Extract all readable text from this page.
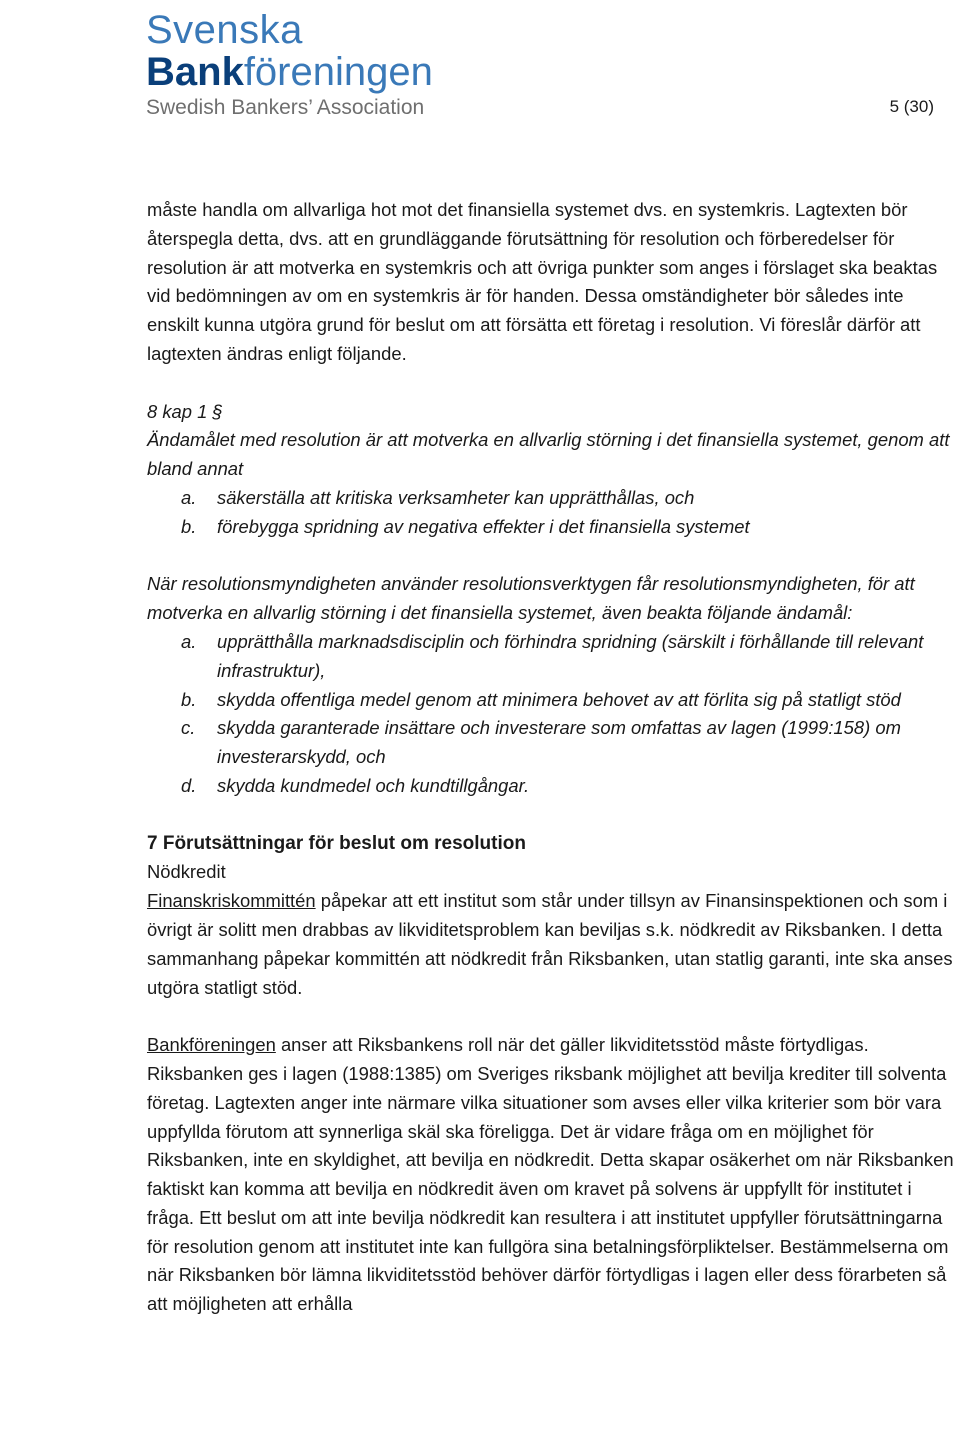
Svenska
Bankföreningen
Swedish Bankers’ Association	5 (30)

måste handla om allvarliga hot mot det finansiella systemet dvs. en systemkris. Lagtexten bör återspegla detta, dvs. att en grundläggande förutsättning för resolution och förberedelser för resolution är att motverka en systemkris och att övriga punkter som anges i förslaget ska beaktas vid bedömningen av om en systemkris är för handen. Dessa omständigheter bör således inte enskilt kunna utgöra grund för beslut om att försätta ett företag i resolution. Vi föreslår därför att lagtexten ändras enligt följande.

8 kap 1 §

Ändamålet med resolution är att motverka en allvarlig störning i det finansiella systemet, genom att bland annat

a.	säkerställa att kritiska verksamheter kan upprätthållas, och
b.	förebygga spridning av negativa effekter i det finansiella systemet

När resolutionsmyndigheten använder resolutionsverktygen får resolutionsmyndigheten, för att motverka en allvarlig störning i det finansiella systemet, även beakta följande ändamål:

a.	upprätthålla marknadsdisciplin och förhindra spridning (särskilt i förhållande till relevant infrastruktur),
b.	skydda offentliga medel genom att minimera behovet av att förlita sig på statligt stöd
c.	skydda garanterade insättare och investerare som omfattas av lagen (1999:158) om investerarskydd, och
d.	skydda kundmedel och kundtillgångar.
7 Förutsättningar för beslut om resolution

Nödkredit

Finanskriskommittén påpekar att ett institut som står under tillsyn av Finansinspektionen och som i övrigt är solitt men drabbas av likviditetsproblem kan beviljas s.k. nödkredit av Riksbanken. I detta sammanhang påpekar kommittén att nödkredit från Riksbanken, utan statlig garanti, inte ska anses utgöra statligt stöd.

Bankföreningen anser att Riksbankens roll när det gäller likviditetsstöd måste förtydligas. Riksbanken ges i lagen (1988:1385) om Sveriges riksbank möjlighet att bevilja krediter till solventa företag. Lagtexten anger inte närmare vilka situationer som avses eller vilka kriterier som bör vara uppfyllda förutom att synnerliga skäl ska föreligga. Det är vidare fråga om en möjlighet för Riksbanken, inte en skyldighet, att bevilja en nödkredit. Detta skapar osäkerhet om när Riksbanken faktiskt kan komma att bevilja en nödkredit även om kravet på solvens är uppfyllt för institutet i fråga. Ett beslut om att inte bevilja nödkredit kan resultera i att institutet uppfyller förutsättningarna för resolution genom att institutet inte kan fullgöra sina betalningsförpliktelser. Bestämmelserna om när Riksbanken bör lämna likviditetsstöd behöver därför förtydligas i lagen eller dess förarbeten så att möjligheten att erhålla
